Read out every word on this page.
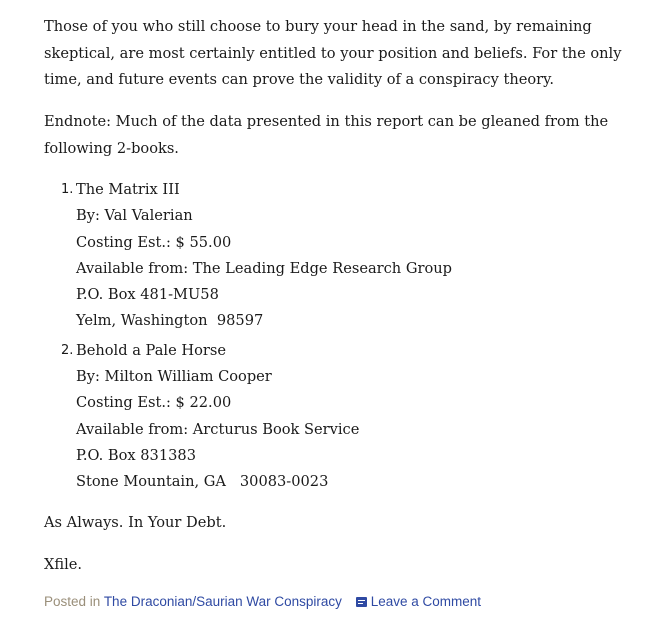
Those of you who still choose to bury your head in the sand, by remaining skeptical, are most certainly entitled to your position and beliefs. For the only time, and future events can prove the validity of a conspiracy theory.

Endnote: Much of the data presented in this report can be gleaned from the following 2-books.

1. The Matrix III

By: Val Valerian

Costing Est.: $ 55.00

Available from: The Leading Edge Research Group

P.O. Box 481-MU58

Yelm, Washington  98597

2. Behold a Pale Horse

By: Milton William Cooper

Costing Est.: $ 22.00

Available from: Arcturus Book Service

P.O. Box 831383

Stone Mountain, GA   30083-0023

As Always. In Your Debt.

Xfile.

Posted in The Draconian/Saurian War Conspiracy Leave a Comment
